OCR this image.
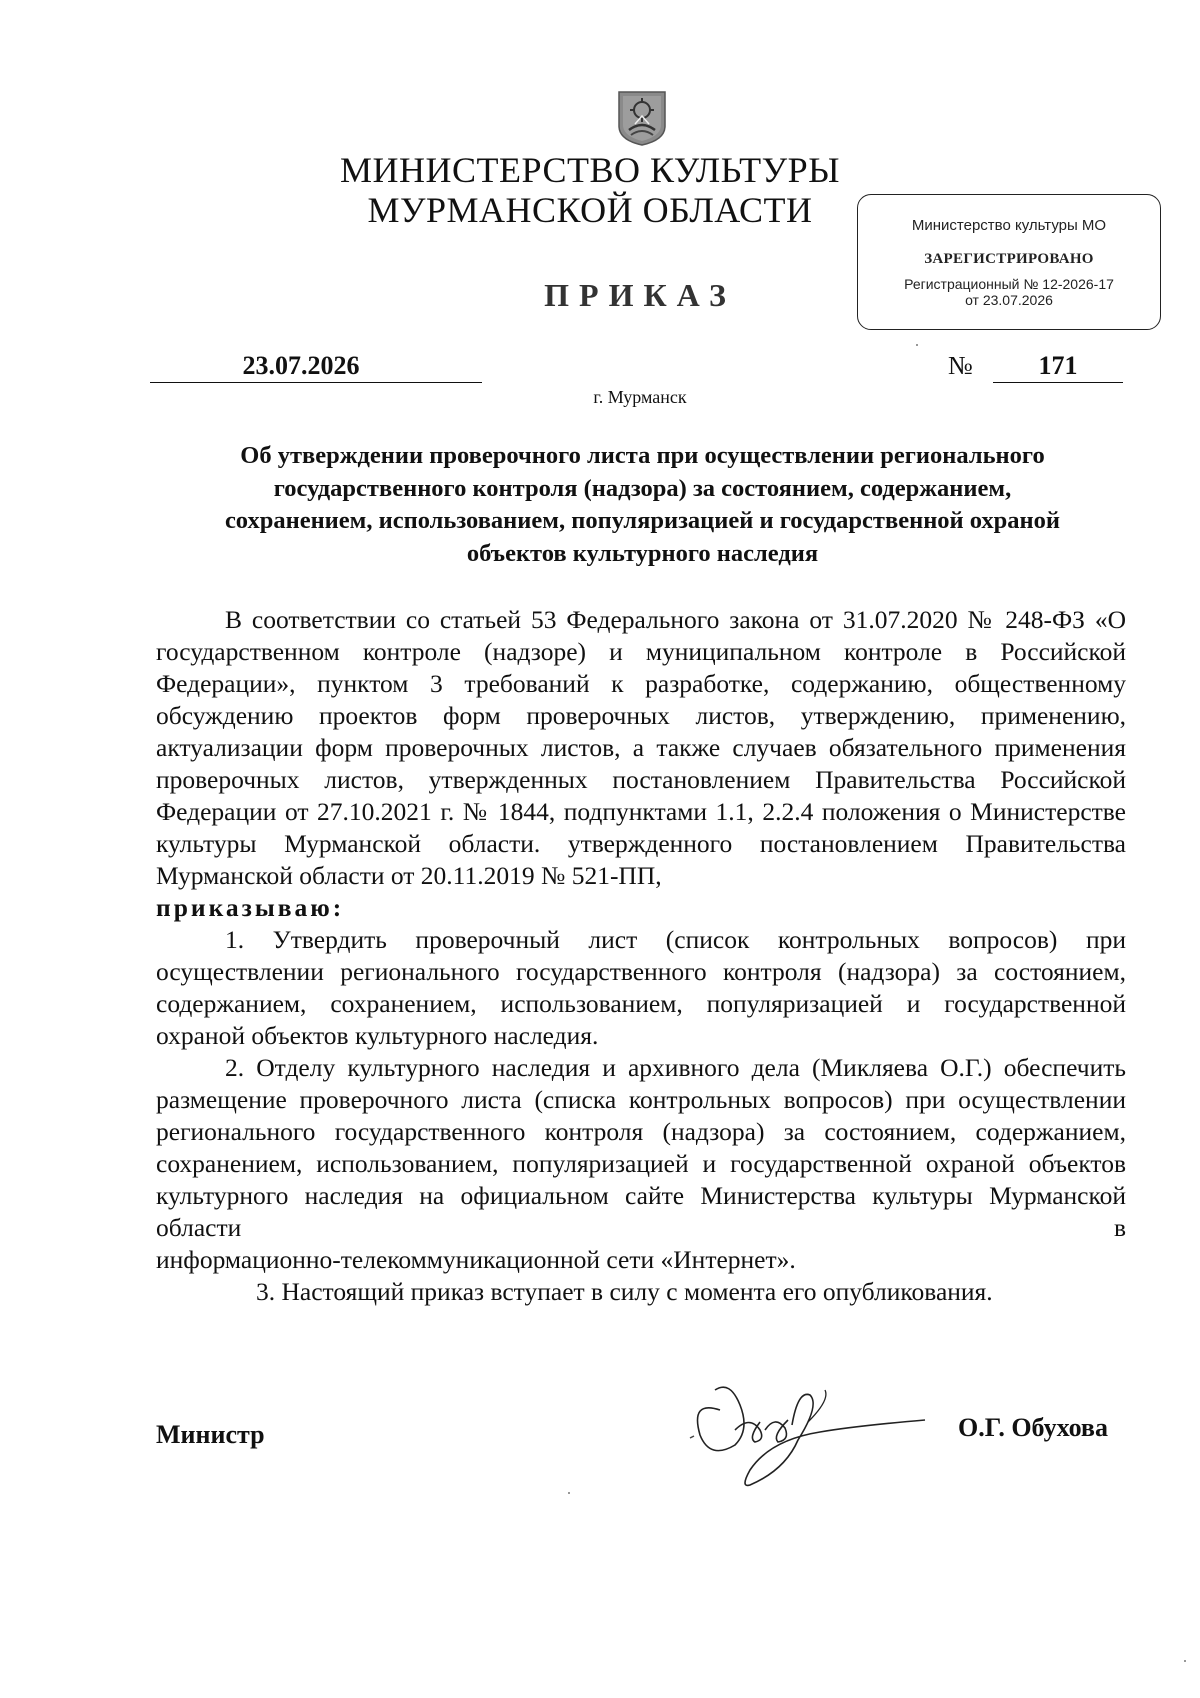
МИНИСТЕРСТВО КУЛЬТУРЫ
МУРМАНСКОЙ ОБЛАСТИ	Министерство культуры МО
ЗАРЕГИСТРИРОВАНО
Регистрационный № 12-2026-17
от 23.07.2026
ПРИКАЗ
23.07.2026	№	171
г. Мурманск
Об утверждении проверочного листа при осуществлении регионального
государственного контроля (надзора) за состоянием, содержанием,
сохранением, использованием, популяризацией и государственной охраной
объектов культурного наследия

В соответствии со статьей 53 Федерального закона от 31.07.2020 № 248-ФЗ «О государственном контроле (надзоре) и муниципальном контроле в Российской Федерации», пунктом 3 требований к разработке, содержанию, общественному обсуждению проектов форм проверочных листов, утверждению, применению, актуализации форм проверочных листов, а также случаев обязательного применения проверочных листов, утвержденных постановлением Правительства Российской Федерации от 27.10.2021 г. № 1844, подпунктами 1.1, 2.2.4 положения о Министерстве культуры Мурманской области. утвержденного постановлением Правительства Мурманской области от 20.11.2019 № 521-ПП,

приказываю:

1. Утвердить проверочный лист (список контрольных вопросов) при осуществлении регионального государственного контроля (надзора) за состоянием, содержанием, сохранением, использованием, популяризацией и государственной охраной объектов культурного наследия.

2. Отделу культурного наследия и архивного дела (Микляева О.Г.) обеспечить размещение проверочного листа (списка контрольных вопросов) при осуществлении регионального государственного контроля (надзора) за состоянием, содержанием, сохранением, использованием, популяризацией и государственной охраной объектов культурного наследия на официальном сайте Министерства культуры Мурманской области в

информационно-телекоммуникационной сети «Интернет».

3. Настоящий приказ вступает в силу с момента его опубликования.

Министр	О.Г. Обухова
